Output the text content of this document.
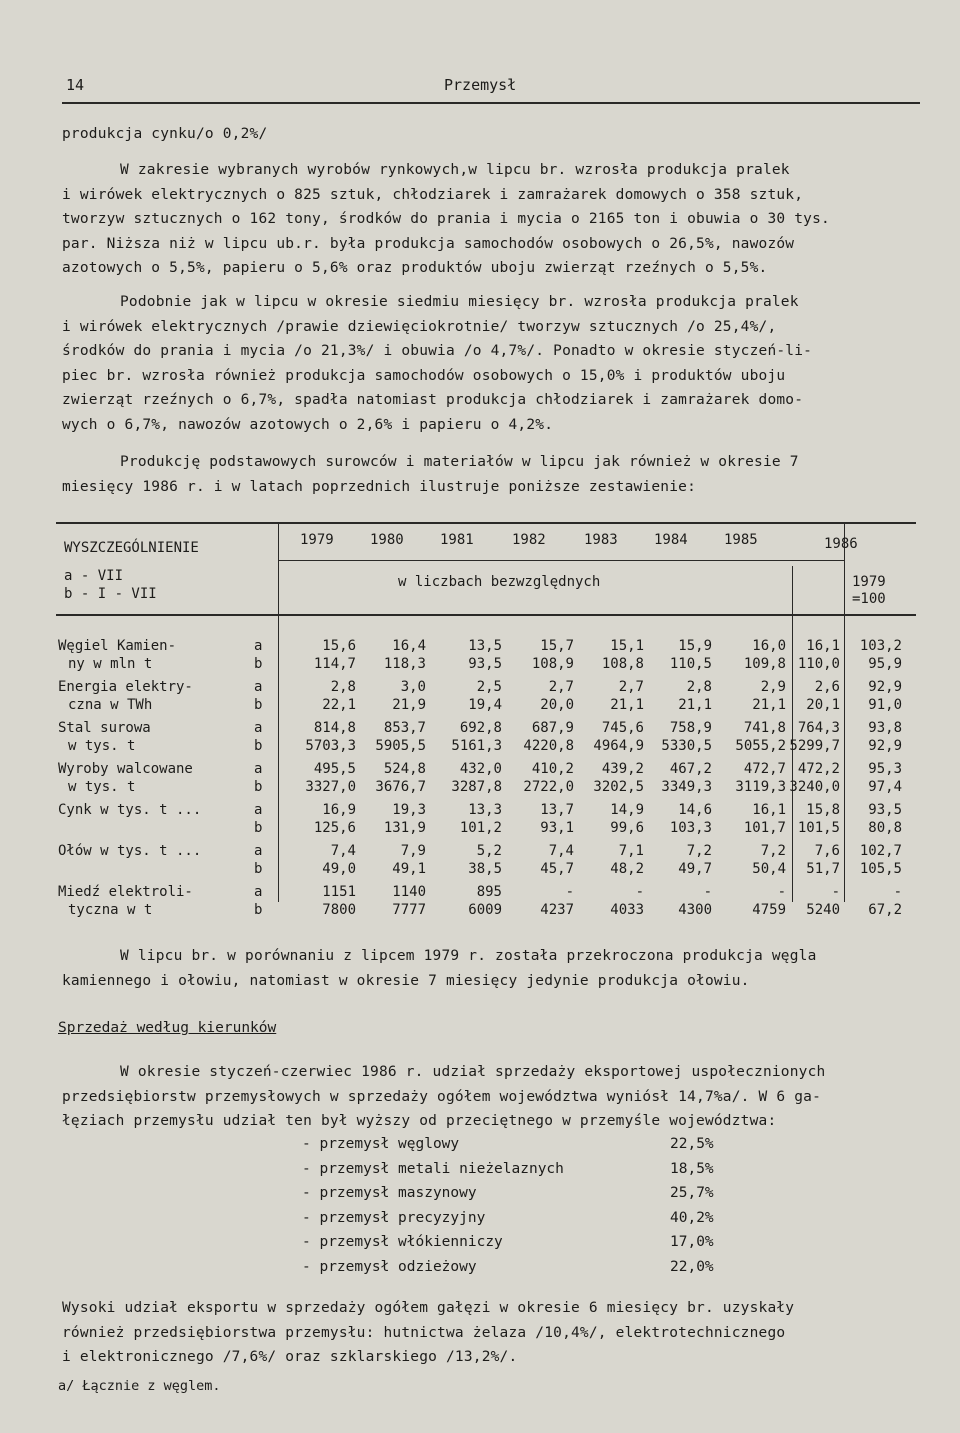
14	Przemysł
produkcja cynku/o 0,2%/
W zakresie wybranych wyrobów rynkowych,w lipcu br. wzrosła produkcja pralek
i wirówek elektrycznych o 825 sztuk, chłodziarek i zamrażarek domowych o 358 sztuk,
tworzyw sztucznych o 162 tony, środków do prania i mycia o 2165 ton i obuwia o 30 tys.
par. Niższa niż w lipcu ub.r. była produkcja samochodów osobowych o 26,5%, nawozów
azotowych o 5,5%, papieru o 5,6% oraz produktów uboju zwierząt rzeźnych o 5,5%.
Podobnie jak w lipcu w okresie siedmiu miesięcy br. wzrosła produkcja pralek
i wirówek elektrycznych /prawie dziewięciokrotnie/ tworzyw sztucznych /o 25,4%/,
środków do prania i mycia /o 21,3%/ i obuwia /o 4,7%/. Ponadto w okresie styczeń-li-
piec br. wzrosła również produkcja samochodów osobowych o 15,0% i produktów uboju
zwierząt rzeźnych o 6,7%, spadła natomiast produkcja chłodziarek i zamrażarek domo-
wych o 6,7%, nawozów azotowych o 2,6% i papieru o 4,2%.
Produkcję podstawowych surowców i materiałów w lipcu jak również w okresie 7
miesięcy 1986 r. i w latach poprzednich ilustruje poniższe zestawienie:
WYSZCZEGÓLNIENIE
a - VII
b - I - VII
1979	1980	1981	1982	1983	1984	1985	1986
w liczbach bezwzględnych	1979
=100
Węgiel Kamien-
ny w mln t
a	15,6	16,4	13,5	15,7	15,1	15,9	16,0	16,1	103,2
b	114,7	118,3	93,5	108,9	108,8	110,5	109,8 110,0	95,9
Energia elektry-
czna w TWh
a	2,8	3,0	2,5	2,7	2,7	2,8	2,9	2,6	92,9
b	22,1	21,9	19,4	20,0	21,1	21,1	21,1	20,1	91,0
Stal surowa
w tys. t
a	814,8	853,7	692,8	687,9	745,6	758,9	741,8 764,3	93,8
b	5703,3	5905,5	5161,3	4220,8	4964,9	5330,5	5055,2 5299,7	92,9
Wyroby walcowane
w tys. t
a	495,5	524,8	432,0	410,2	439,2	467,2	472,7 472,2	95,3
b	3327,0	3676,7	3287,8	2722,0	3202,5	3349,3	3119,3 3240,0	97,4
Cynk w tys. t ...	a	16,9	19,3	13,3	13,7	14,9	14,6	16,1	15,8	93,5
b	125,6	131,9	101,2	93,1	99,6	103,3	101,7 101,5	80,8
Ołów w tys. t ...	a	7,4	7,9	5,2	7,4	7,1	7,2	7,2	7,6	102,7
b	49,0	49,1	38,5	45,7	48,2	49,7	50,4	51,7	105,5
Miedź elektroli-
tyczna w t
a	1151	1140	895	-	-	-	-	-	-
b	7800	7777	6009	4237	4033	4300	4759	5240	67,2
W lipcu br. w porównaniu z lipcem 1979 r. została przekroczona produkcja węgla
kamiennego i ołowiu, natomiast w okresie 7 miesięcy jedynie produkcja ołowiu.
Sprzedaż według kierunków
W okresie styczeń-czerwiec 1986 r. udział sprzedaży eksportowej uspołecznionych
przedsiębiorstw przemysłowych w sprzedaży ogółem województwa wyniósł 14,7%a/. W 6 ga-
łęziach przemysłu udział ten był wyższy od przeciętnego w przemyśle województwa:
- przemysł węglowy	22,5%
- przemysł metali nieżelaznych	18,5%
- przemysł maszynowy	25,7%
- przemysł precyzyjny	40,2%
- przemysł włókienniczy	17,0%
- przemysł odzieżowy	22,0%
Wysoki udział eksportu w sprzedaży ogółem gałęzi w okresie 6 miesięcy br. uzyskały
również przedsiębiorstwa przemysłu: hutnictwa żelaza /10,4%/, elektrotechnicznego
i elektronicznego /7,6%/ oraz szklarskiego /13,2%/.
a/ Łącznie z węglem.
